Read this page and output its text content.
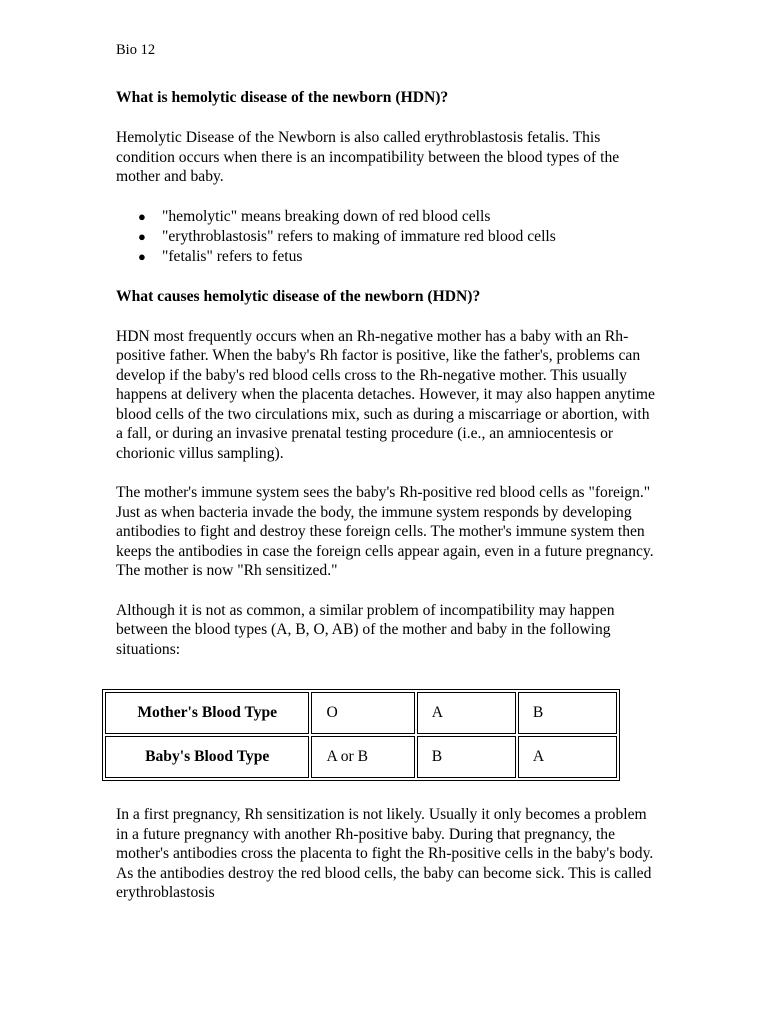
Bio 12
What is hemolytic disease of the newborn (HDN)?

Hemolytic Disease of the Newborn is also called erythroblastosis fetalis. This condition occurs when there is an incompatibility between the blood types of the mother and baby.

● "hemolytic" means breaking down of red blood cells
● "erythroblastosis" refers to making of immature red blood cells
● "fetalis" refers to fetus
What causes hemolytic disease of the newborn (HDN)?

HDN most frequently occurs when an Rh-negative mother has a baby with an Rh-positive father. When the baby's Rh factor is positive, like the father's, problems can develop if the baby's red blood cells cross to the Rh-negative mother. This usually happens at delivery when the placenta detaches. However, it may also happen anytime blood cells of the two circulations mix, such as during a miscarriage or abortion, with a fall, or during an invasive prenatal testing procedure (i.e., an amniocentesis or chorionic villus sampling).

The mother's immune system sees the baby's Rh-positive red blood cells as "foreign." Just as when bacteria invade the body, the immune system responds by developing antibodies to fight and destroy these foreign cells. The mother's immune system then keeps the antibodies in case the foreign cells appear again, even in a future pregnancy. The mother is now "Rh sensitized."

Although it is not as common, a similar problem of incompatibility may happen between the blood types (A, B, O, AB) of the mother and baby in the following situations:

Mother's Blood Type	O	A	B
Baby's Blood Type	A or B	B	A

In a first pregnancy, Rh sensitization is not likely. Usually it only becomes a problem in a future pregnancy with another Rh-positive baby. During that pregnancy, the mother's antibodies cross the placenta to fight the Rh-positive cells in the baby's body. As the antibodies destroy the red blood cells, the baby can become sick. This is called erythroblastosis
